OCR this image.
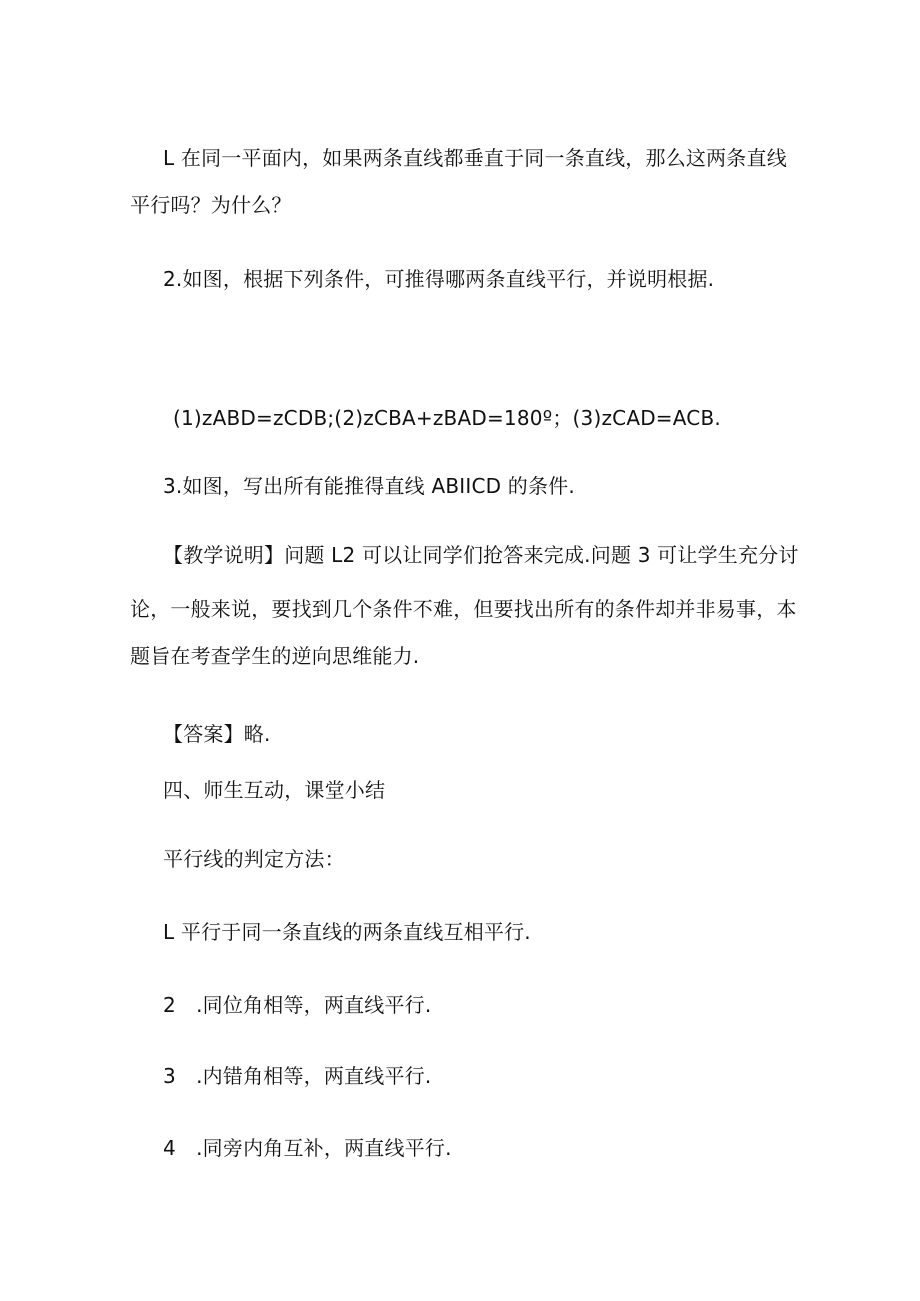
L 在同一平面内，如果两条直线都垂直于同一条直线，那么这两条直线
平行吗？为什么？
2.如图，根据下列条件，可推得哪两条直线平行，并说明根据.
(1)zABD=zCDB;(2)zCBA+zBAD=180º；(3)zCAD=ACB.
3.如图，写出所有能推得直线 ABIICD 的条件.
【教学说明】问题 L2 可以让同学们抢答来完成.问题 3 可让学生充分讨
论，一般来说，要找到几个条件不难，但要找出所有的条件却并非易事，本
题旨在考查学生的逆向思维能力.
【答案】略.
四、师生互动，课堂小结
平行线的判定方法：
L 平行于同一条直线的两条直线互相平行.
2　.同位角相等，两直线平行.
3　.内错角相等，两直线平行.
4　.同旁内角互补，两直线平行.
